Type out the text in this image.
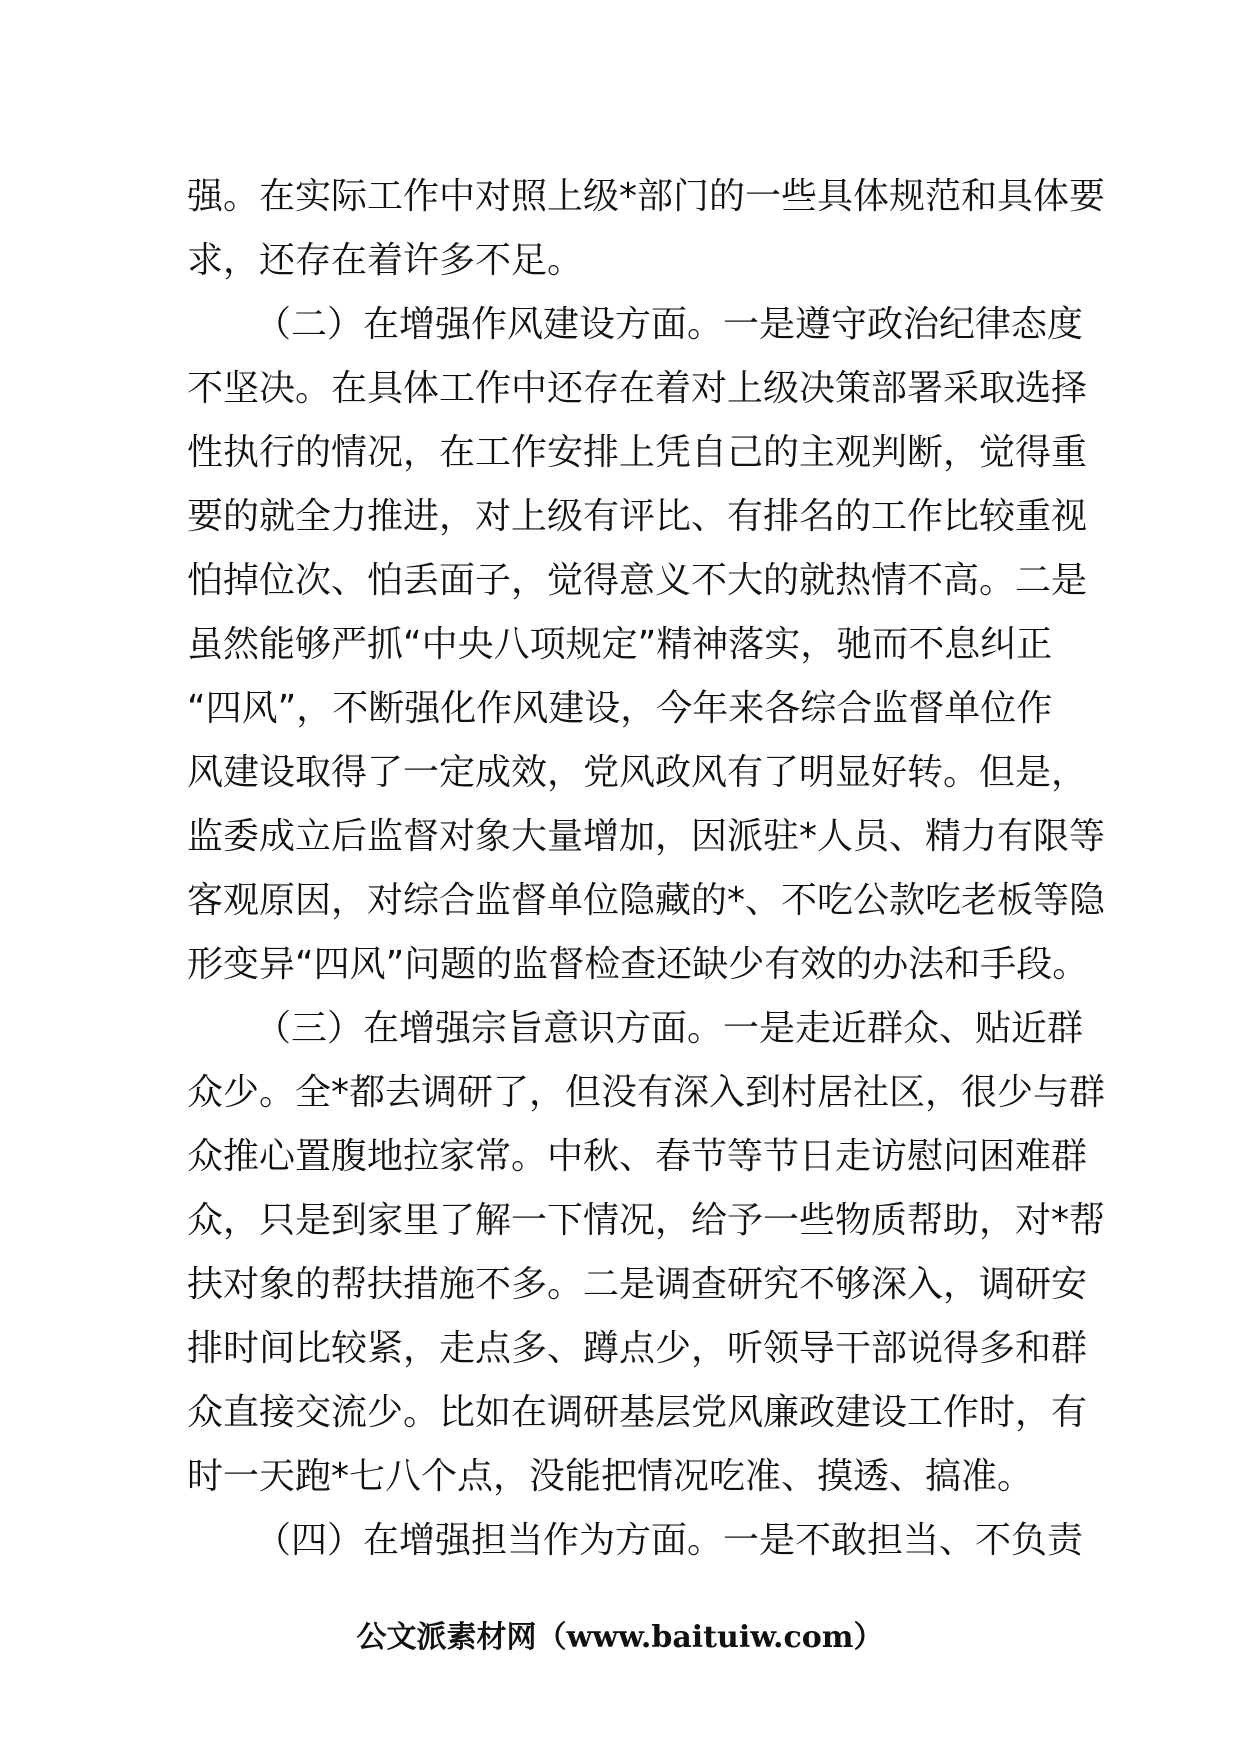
强。在实际工作中对照上级*部门的一些具体规范和具体要
求，还存在着许多不足。
（二）在增强作风建设方面。一是遵守政治纪律态度
不坚决。在具体工作中还存在着对上级决策部署采取选择
性执行的情况，在工作安排上凭自己的主观判断，觉得重
要的就全力推进，对上级有评比、有排名的工作比较重视
怕掉位次、怕丢面子，觉得意义不大的就热情不高。二是
虽然能够严抓“中央八项规定”精神落实，驰而不息纠正
“四风”，不断强化作风建设，今年来各综合监督单位作
风建设取得了一定成效，党风政风有了明显好转。但是，
监委成立后监督对象大量增加，因派驻*人员、精力有限等
客观原因，对综合监督单位隐藏的*、不吃公款吃老板等隐
形变异“四风”问题的监督检查还缺少有效的办法和手段。
（三）在增强宗旨意识方面。一是走近群众、贴近群
众少。全*都去调研了，但没有深入到村居社区，很少与群
众推心置腹地拉家常。中秋、春节等节日走访慰问困难群
众，只是到家里了解一下情况，给予一些物质帮助，对*帮
扶对象的帮扶措施不多。二是调查研究不够深入，调研安
排时间比较紧，走点多、蹲点少，听领导干部说得多和群
众直接交流少。比如在调研基层党风廉政建设工作时，有
时一天跑*七八个点，没能把情况吃准、摸透、搞准。
（四）在增强担当作为方面。一是不敢担当、不负责
公文派素材网（www.baituiw.com）
